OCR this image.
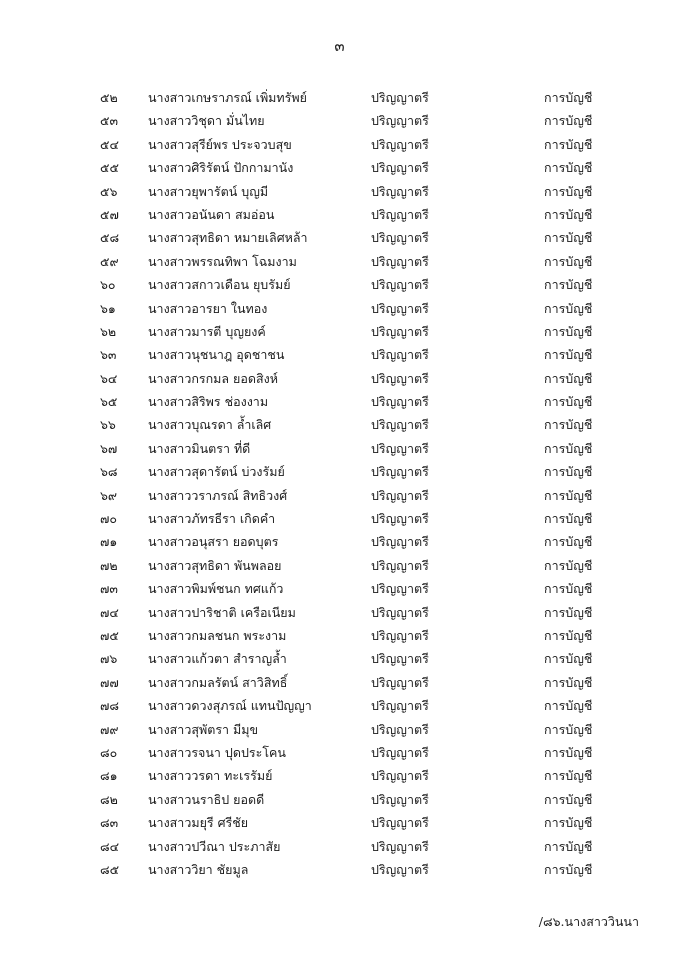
๓
๕๒	นางสาวเกษราภรณ์ เพิ่มทรัพย์	ปริญญาตรี	การบัญชี
๕๓	นางสาววิชุดา มั่นไทย	ปริญญาตรี	การบัญชี
๕๔	นางสาวสุรีย์พร ประจวบสุข	ปริญญาตรี	การบัญชี
๕๕	นางสาวศิริรัตน์ ปักกามานัง	ปริญญาตรี	การบัญชี
๕๖	นางสาวยุพารัตน์ บุญมี	ปริญญาตรี	การบัญชี
๕๗	นางสาวอนันดา สมอ่อน	ปริญญาตรี	การบัญชี
๕๘	นางสาวสุทธิดา หมายเลิศหล้า	ปริญญาตรี	การบัญชี
๕๙	นางสาวพรรณทิพา โฉมงาม	ปริญญาตรี	การบัญชี
๖๐	นางสาวสกาวเดือน ยุบรัมย์	ปริญญาตรี	การบัญชี
๖๑	นางสาวอารยา ในทอง	ปริญญาตรี	การบัญชี
๖๒	นางสาวมารตี บุญยงค์	ปริญญาตรี	การบัญชี
๖๓	นางสาวนุชนาฎ อุดชาชน	ปริญญาตรี	การบัญชี
๖๔	นางสาวกรกมล ยอดสิงห์	ปริญญาตรี	การบัญชี
๖๕	นางสาวสิริพร ช่องงาม	ปริญญาตรี	การบัญชี
๖๖	นางสาวบุณรดา ล้ำเลิศ	ปริญญาตรี	การบัญชี
๖๗	นางสาวมินตรา ที่ดี	ปริญญาตรี	การบัญชี
๖๘	นางสาวสุดารัตน์ บ่วงรัมย์	ปริญญาตรี	การบัญชี
๖๙	นางสาววราภรณ์ สิทธิวงศ์	ปริญญาตรี	การบัญชี
๗๐	นางสาวภัทรธีรา เกิดคำ	ปริญญาตรี	การบัญชี
๗๑	นางสาวอนุสรา ยอดบุตร	ปริญญาตรี	การบัญชี
๗๒	นางสาวสุทธิดา พันพลอย	ปริญญาตรี	การบัญชี
๗๓	นางสาวพิมพ์ชนก ทศแก้ว	ปริญญาตรี	การบัญชี
๗๔	นางสาวปาริชาติ เครือเนียม	ปริญญาตรี	การบัญชี
๗๕	นางสาวกมลชนก พระงาม	ปริญญาตรี	การบัญชี
๗๖	นางสาวแก้วตา สำราญล้ำ	ปริญญาตรี	การบัญชี
๗๗	นางสาวกมลรัตน์ สาวิสิทธิ์	ปริญญาตรี	การบัญชี
๗๘	นางสาวดวงสุภรณ์ แทนปัญญา	ปริญญาตรี	การบัญชี
๗๙	นางสาวสุพัตรา มีมุข	ปริญญาตรี	การบัญชี
๘๐	นางสาวรจนา ปุดประโคน	ปริญญาตรี	การบัญชี
๘๑	นางสาววรดา ทะเรรัมย์	ปริญญาตรี	การบัญชี
๘๒	นางสาวนราธิป ยอดดี	ปริญญาตรี	การบัญชี
๘๓	นางสาวมยุรี ศรีชัย	ปริญญาตรี	การบัญชี
๘๔	นางสาวปวีณา ประภาสัย	ปริญญาตรี	การบัญชี
๘๕	นางสาววิยา ชัยมูล	ปริญญาตรี	การบัญชี
/๘๖.นางสาววินนา
